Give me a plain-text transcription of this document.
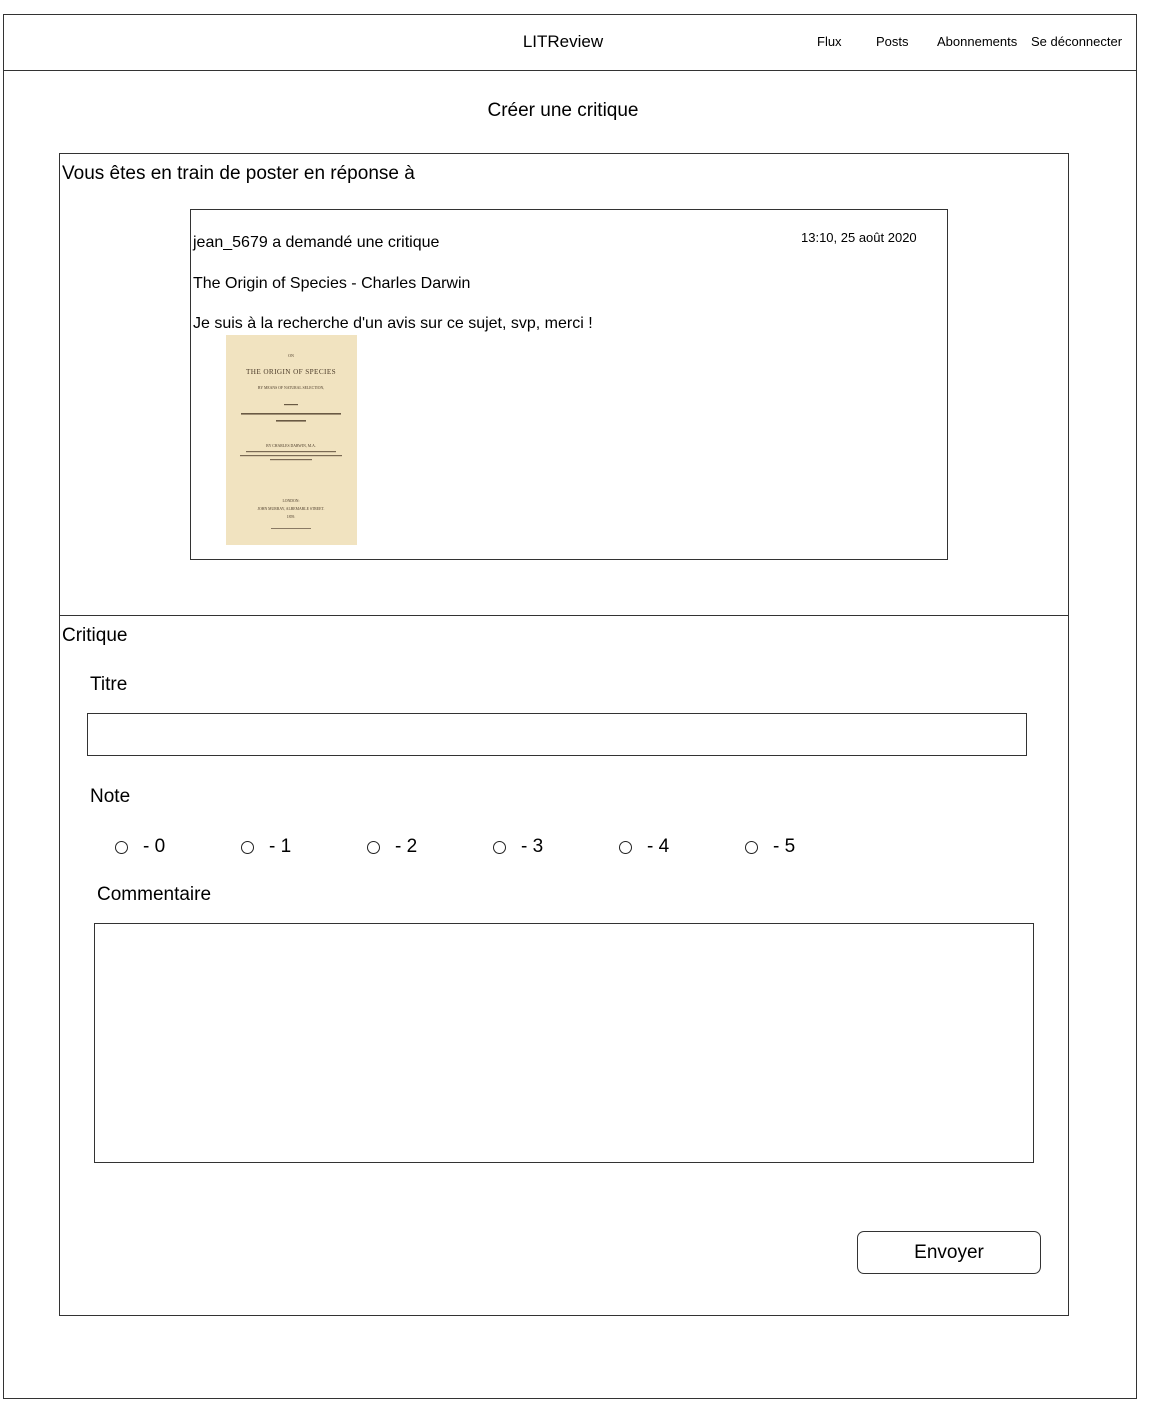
LITReview	Flux	Posts Abonnements Se déconnecter
Créer une critique
Vous êtes en train de poster en réponse à
jean_5679 a demandé une critique	13:10, 25 août 2020
The Origin of Species - Charles Darwin
Je suis à la recherche d'un avis sur ce sujet, svp, merci !
ON
THE ORIGIN OF SPECIES
BY MEANS OF NATURAL SELECTION,
BY CHARLES DARWIN, M.A.
LONDON:
JOHN MURRAY, ALBEMARLE STREET.
1859.
Critique
Titre
Note
- 0	- 1	- 2	- 3	- 4	- 5
Commentaire
Envoyer
